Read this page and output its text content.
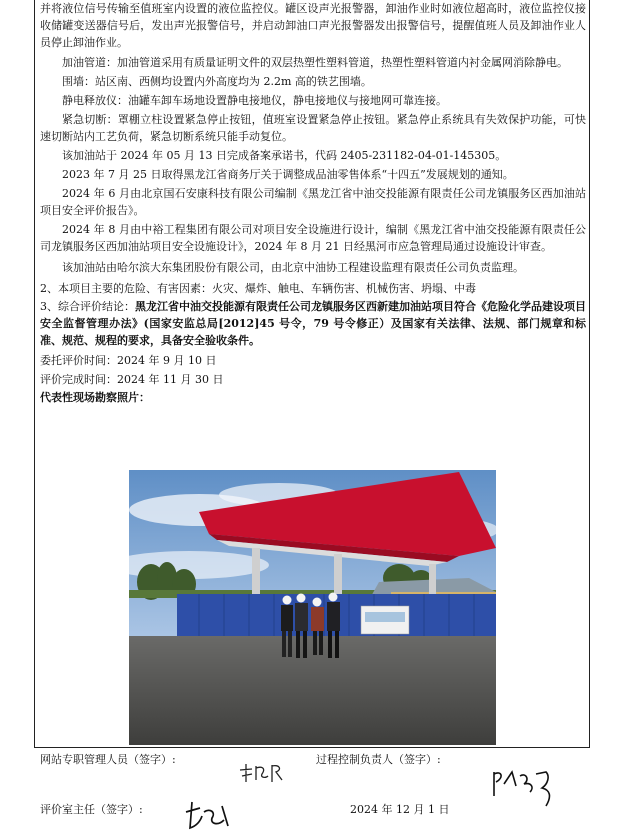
并将液位信号传输至值班室内设置的液位监控仪。罐区设声光报警器，卸油作业时如液位超高时，液位监控仪接收储罐变送器信号后，发出声光报警信号，并启动卸油口声光报警器发出报警信号，提醒值班人员及卸油作业人员停止卸油作业。

加油管道：加油管道采用有质量证明文件的双层热塑性塑料管道，热塑性塑料管道内衬金属网消除静电。

围墙：站区南、西侧均设置内外高度均为 2.2m 高的铁艺围墙。

静电释放仪：油罐车卸车场地设置静电接地仪，静电接地仪与接地网可靠连接。

紧急切断：罩棚立柱设置紧急停止按钮，值班室设置紧急停止按钮。紧急停止系统具有失效保护功能，可快速切断站内工艺负荷，紧急切断系统只能手动复位。

该加油站于 2024 年 05 月 13 日完成备案承诺书，代码 2405-231182-04-01-145305。

2023 年 7 月 25 日取得黑龙江省商务厅关于调整成品油零售体系“十四五”发展规划的通知。

2024 年 6 月由北京国石安康科技有限公司编制《黑龙江省中油交投能源有限责任公司龙镇服务区西加油站项目安全评价报告》。

2024 年 8 月由中裕工程集团有限公司对项目安全设施进行设计，编制《黑龙江省中油交投能源有限责任公司龙镇服务区西加油站项目安全设施设计》，2024 年 8 月 21 日经黑河市应急管理局通过设施设计审查。

该加油站由哈尔滨大东集团股份有限公司，由北京中油协工程建设监理有限责任公司负责监理。

2、本项目主要的危险、有害因素：火灾、爆炸、触电、车辆伤害、机械伤害、坍塌、中毒

3、综合评价结论：黑龙江省中油交投能源有限责任公司龙镇服务区西新建加油站项目符合《危险化学品建设项目安全监督管理办法》(国家安监总局[2012]45 号令，79 号令修正）及国家有关法律、法规、部门规章和标准、规范、规程的要求，具备安全验收条件。

委托评价时间：2024 年 9 月 10 日

评价完成时间：2024 年 11 月 30 日

代表性现场勘察照片：

网站专职管理人员（签字）:	过程控制负责人（签字）:
评价室主任（签字）:	2024 年 12 月 1 日
